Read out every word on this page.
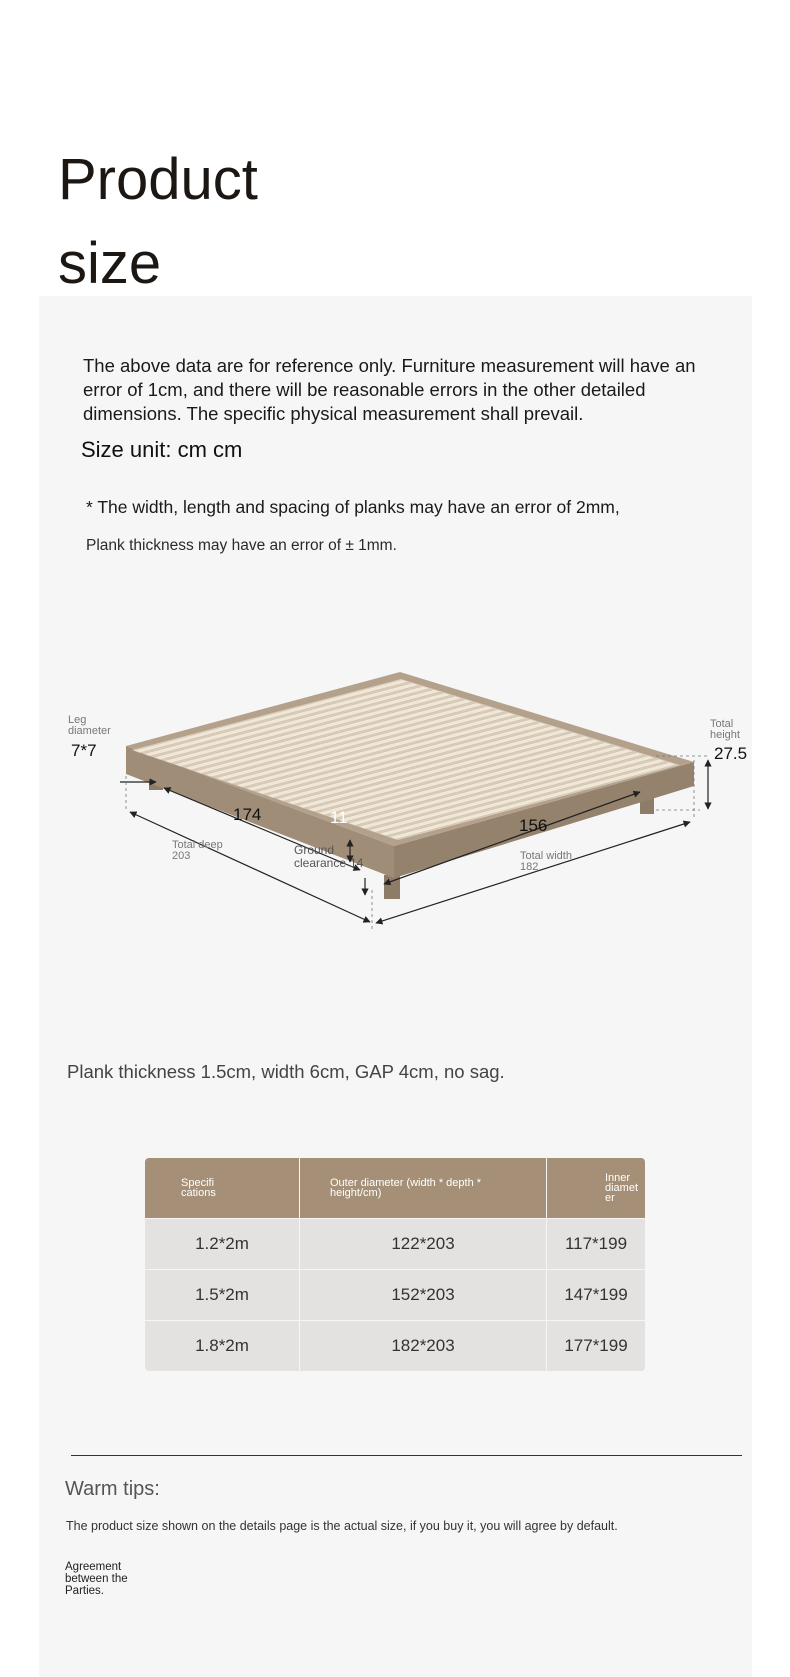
Product size

The above data are for reference only. Furniture measurement will have an error of 1cm, and there will be reasonable errors in the other detailed dimensions. The specific physical measurement shall prevail.

Size unit: cm cm

* The width, length and spacing of planks may have an error of 2mm,

Plank thickness may have an error of ± 1mm.

Leg
diameter
7*7
Total
height
27.5
174
156
11
Total deep
203	Ground
clearance 14	Total width
182

Plank thickness 1.5cm, width 6cm, GAP 4cm, no sag.

Specifi
cations	Outer diameter (width * depth *
height/cm)	Inner
diamet
er

1.2*2m	122*203	117*199
1.5*2m	152*203	147*199
1.8*2m	182*203	177*199

Warm tips:

The product size shown on the details page is the actual size, if you buy it, you will agree by default.

Agreement between the Parties.
